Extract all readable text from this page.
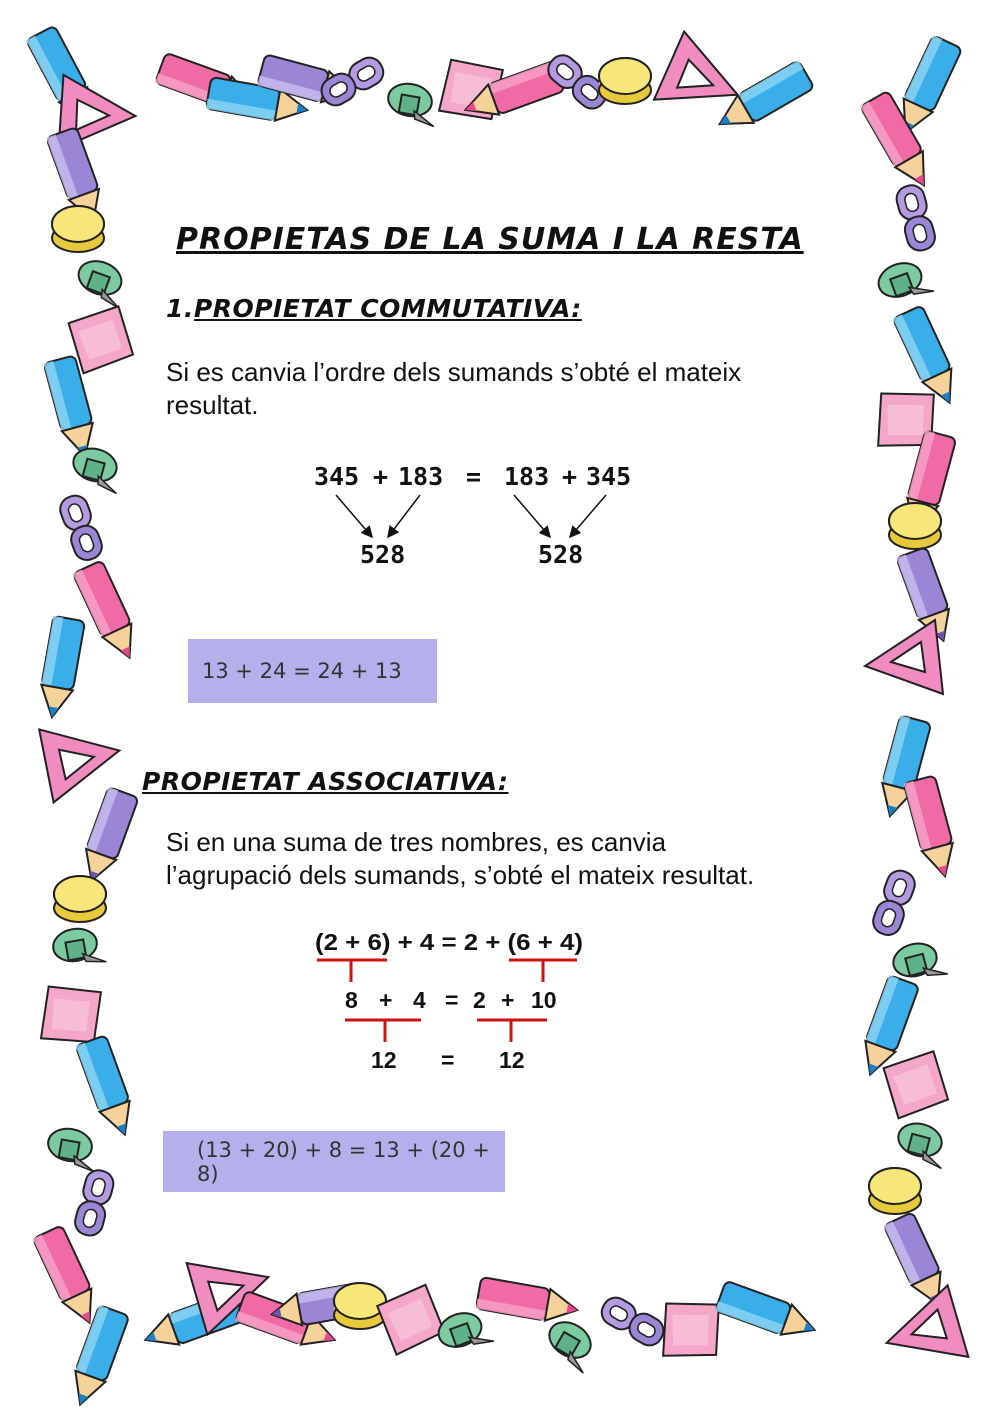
PROPIETAS DE LA SUMA I LA RESTA
1.PROPIETAT COMMUTATIVA:

Si es canvia l’ordre dels sumands s’obté el mateix
resultat.

345 + 183 = 183 + 345
528	528
13 + 24 = 24 + 13
PROPIETAT ASSOCIATIVA:

Si en una suma de tres nombres, es canvia
l’agrupació dels sumands, s’obté el mateix resultat.

(2 + 6) + 4 = 2 + (6 + 4)
8 + 4 = 2 + 10
12 = 12
(13 + 20) + 8 = 13 + (20 + 8)
